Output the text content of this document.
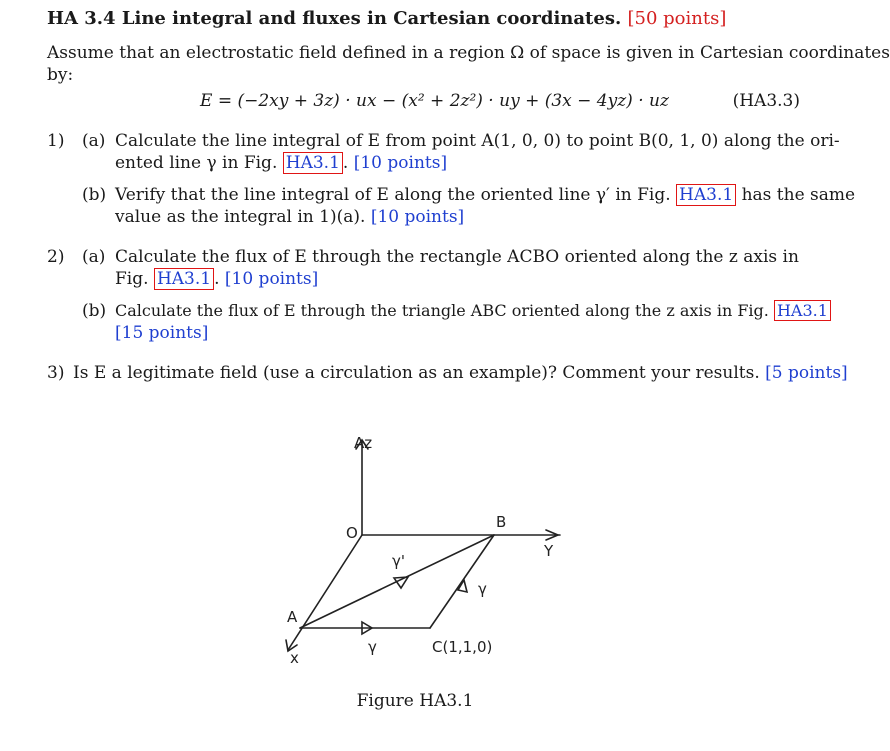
HA 3.4 Line integral and fluxes in Cartesian coordinates. [50 points]
Assume that an electrostatic field defined in a region Ω of space is given in Cartesian coordinates
by:
E = (−2xy + 3z) · ux − (x² + 2z²) · uy + (3x − 4yz) · uz	(HA3.3)
1) (a) Calculate the line integral of E from point A(1, 0, 0) to point B(0, 1, 0) along the ori-
ented line γ in Fig. HA3.1 . [10 points]
(b) Verify that the line integral of E along the oriented line γ′ in Fig. HA3.1 has the same
value as the integral in 1)(a). [10 points]
2) (a) Calculate the flux of E through the rectangle ACBO oriented along the z axis in
Fig. HA3.1 . [10 points]
(b) Calculate the flux of E through the triangle ABC oriented along the z axis in Fig. HA3.1
[15 points]
3) Is E a legitimate field (use a circulation as an example)? Comment your results. [5 points]
Az
Y
x
O
A
B
C(1,1,0)
γ'
γ
γ
Figure HA3.1
